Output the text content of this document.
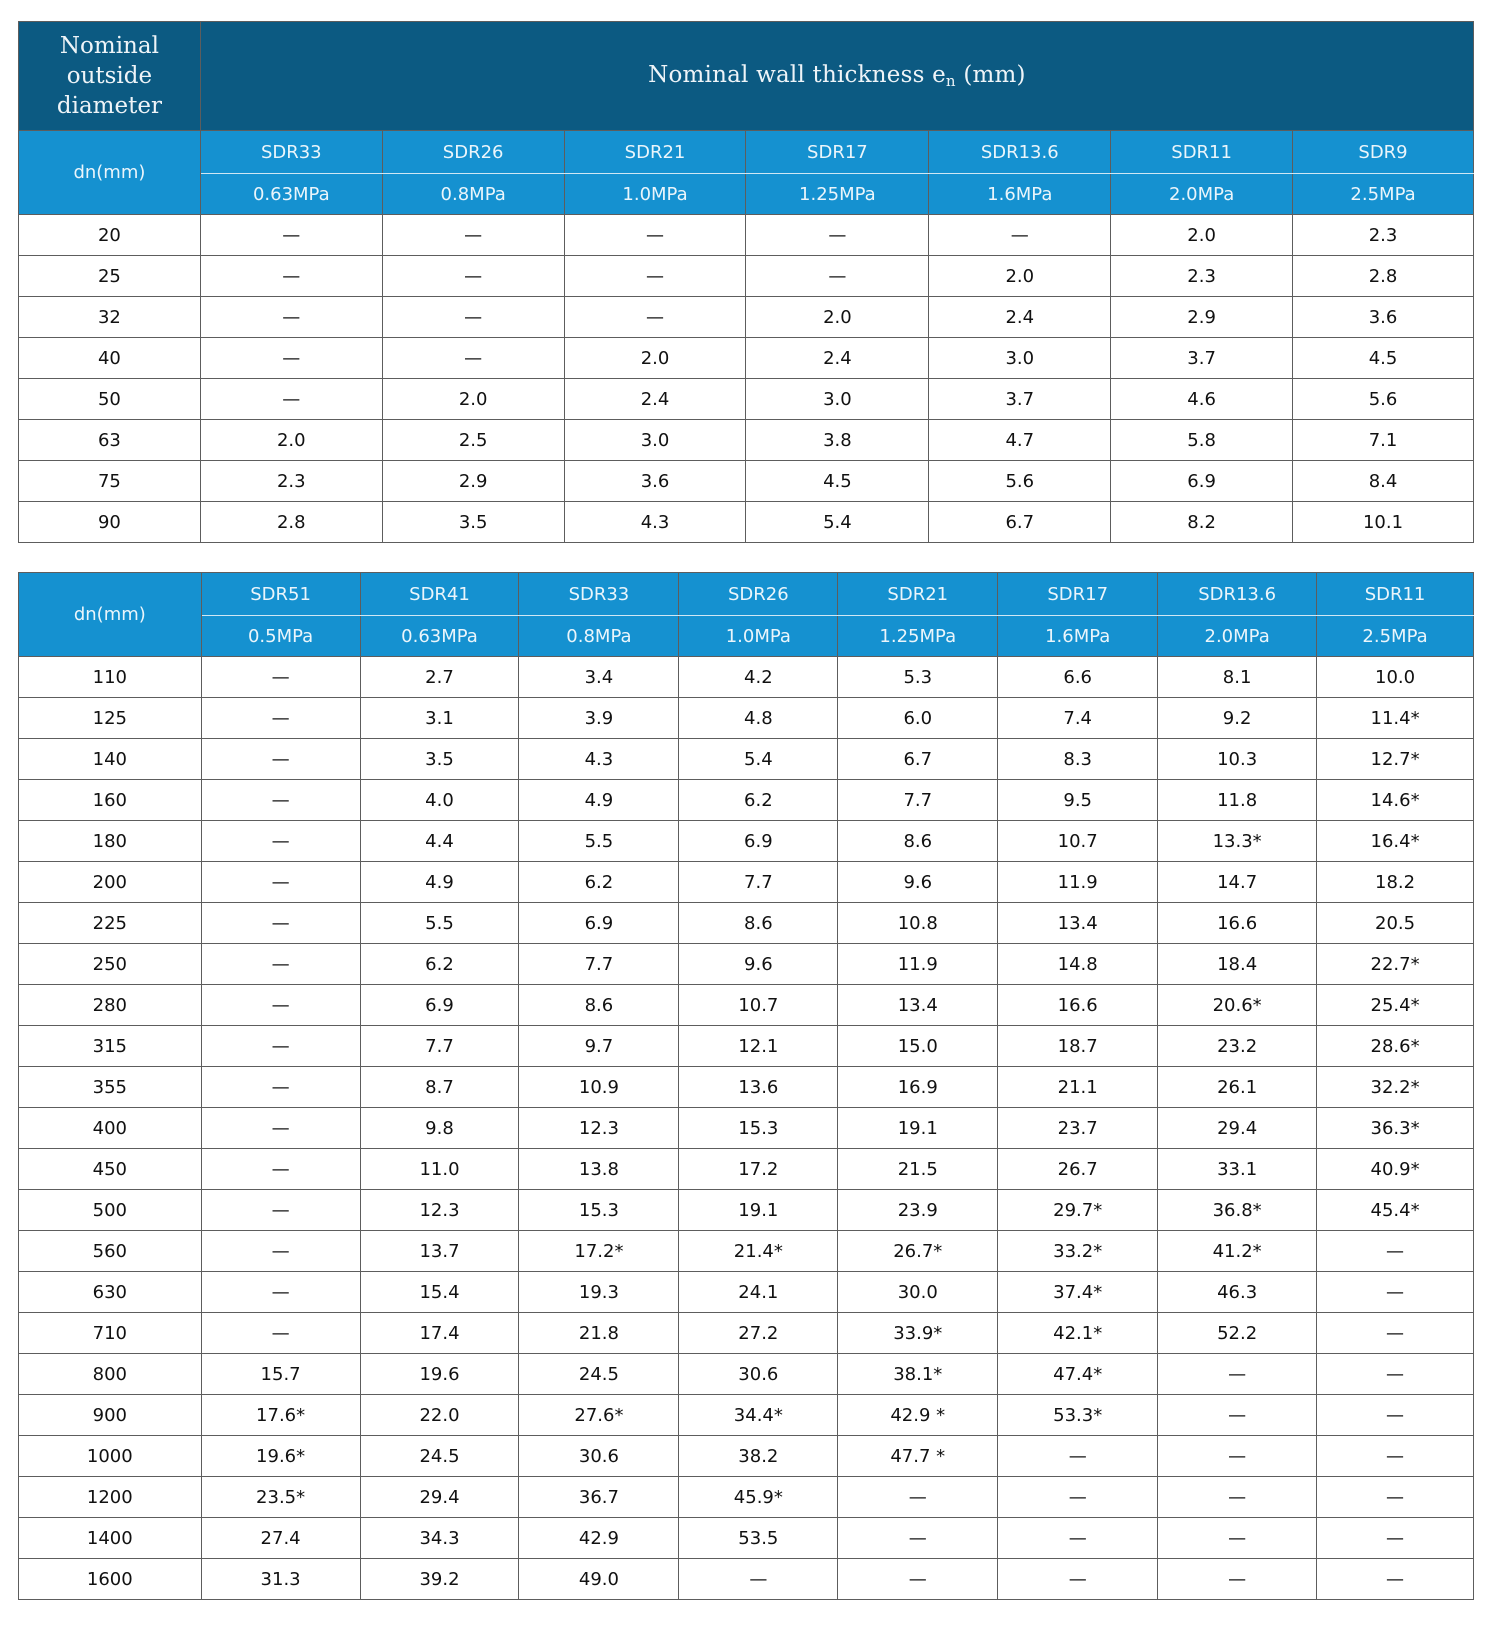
Nominal
outside
diameter	Nominal wall thickness $e_n$ (mm)						
dn(mm)	SDR33	SDR26	SDR21	SDR17	SDR13.6	SDR11	SDR9
	0.63MPa	0.8MPa	1.0MPa	1.25MPa	1.6MPa	2.0MPa	2.5MPa
20	—	—	—	—	—	2.0	2.3
25	—	—	—	—	2.0	2.3	2.8
32	—	—	—	2.0	2.4	2.9	3.6
40	—	—	2.0	2.4	3.0	3.7	4.5
50	—	2.0	2.4	3.0	3.7	4.6	5.6
63	2.0	2.5	3.0	3.8	4.7	5.8	7.1
75	2.3	2.9	3.6	4.5	5.6	6.9	8.4
90	2.8	3.5	4.3	5.4	6.7	8.2	10.1
dn(mm)	SDR51	SDR41	SDR33	SDR26	SDR21	SDR17	SDR13.6	SDR11
	0.5MPa	0.63MPa	0.8MPa	1.0MPa	1.25MPa	1.6MPa	2.0MPa	2.5MPa
110	—	2.7	3.4	4.2	5.3	6.6	8.1	10.0
125	—	3.1	3.9	4.8	6.0	7.4	9.2	11.4*
140	—	3.5	4.3	5.4	6.7	8.3	10.3	12.7*
160	—	4.0	4.9	6.2	7.7	9.5	11.8	14.6*
180	—	4.4	5.5	6.9	8.6	10.7	13.3*	16.4*
200	—	4.9	6.2	7.7	9.6	11.9	14.7	18.2
225	—	5.5	6.9	8.6	10.8	13.4	16.6	20.5
250	—	6.2	7.7	9.6	11.9	14.8	18.4	22.7*
280	—	6.9	8.6	10.7	13.4	16.6	20.6*	25.4*
315	—	7.7	9.7	12.1	15.0	18.7	23.2	28.6*
355	—	8.7	10.9	13.6	16.9	21.1	26.1	32.2*
400	—	9.8	12.3	15.3	19.1	23.7	29.4	36.3*
450	—	11.0	13.8	17.2	21.5	26.7	33.1	40.9*
500	—	12.3	15.3	19.1	23.9	29.7*	36.8*	45.4*
560	—	13.7	17.2*	21.4*	26.7*	33.2*	41.2*	—
630	—	15.4	19.3	24.1	30.0	37.4*	46.3	—
710	—	17.4	21.8	27.2	33.9*	42.1*	52.2	—
800	15.7	19.6	24.5	30.6	38.1*	47.4*	—	—
900	17.6*	22.0	27.6*	34.4*	42.9 *	53.3*	—	—
1000	19.6*	24.5	30.6	38.2	47.7 *	—	—	—
1200	23.5*	29.4	36.7	45.9*	—	—	—	—
1400	27.4	34.3	42.9	53.5	—	—	—	—
1600	31.3	39.2	49.0	—	—	—	—	—
